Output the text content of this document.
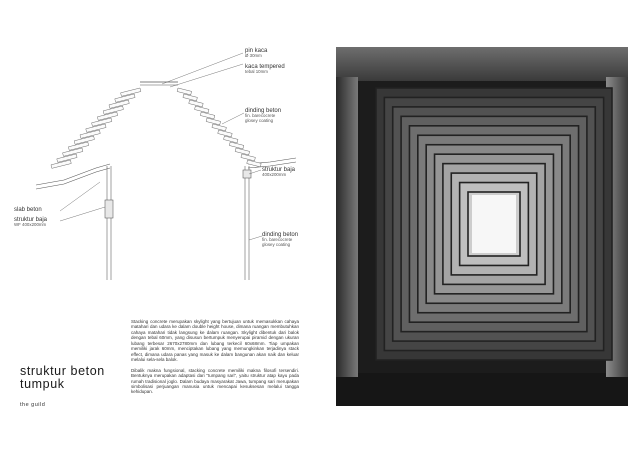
pin kaca
Ø 30mm
kaca tempered
tebal 10mm
dinding beton
fin. barecocrete
glosey coating
struktur baja
400x200mm
slab beton
struktur baja
WF 400x200mm
dinding beton
fin. barecocrete
glosey coating
struktur beton
tumpuk
the guild

Stacking concrete merupakan skylight yang bertujuan untuk memasukkan cahaya matahari dan udara ke dalam double height house, dimana ruangan membutuhkan cahaya matahari tidak langsung ke dalam ruangan. Skylight dibentuk dari balok dengan tebal 60mm, yang disusun bertumpuk menyerupai piramid dengan ukuran lubang terbesar 2670x2780mm dan lubang terkecil 60x68mm. Tiap umpakan memiliki jarak 60mm, menciptakan lubang yang memungkinkan terjadinya stack effect, dimana udara panas yang masuk ke dalam bangunan akan naik dan keluar melalui sela-sela balok.

Dibalik makna fungsional, stacking concrete memiliki makna filosofi tersendiri. Bentuknya merupakan adaptasi dari "tumpang sari", yaitu struktur atap kayu pada rumah tradisional joglo. Dalam budaya masyarakat Jawa, tumpang sari merupakan simbolisasi perjuangan manusia untuk mencapai kesuksesan melalui tangga kehidupan.
